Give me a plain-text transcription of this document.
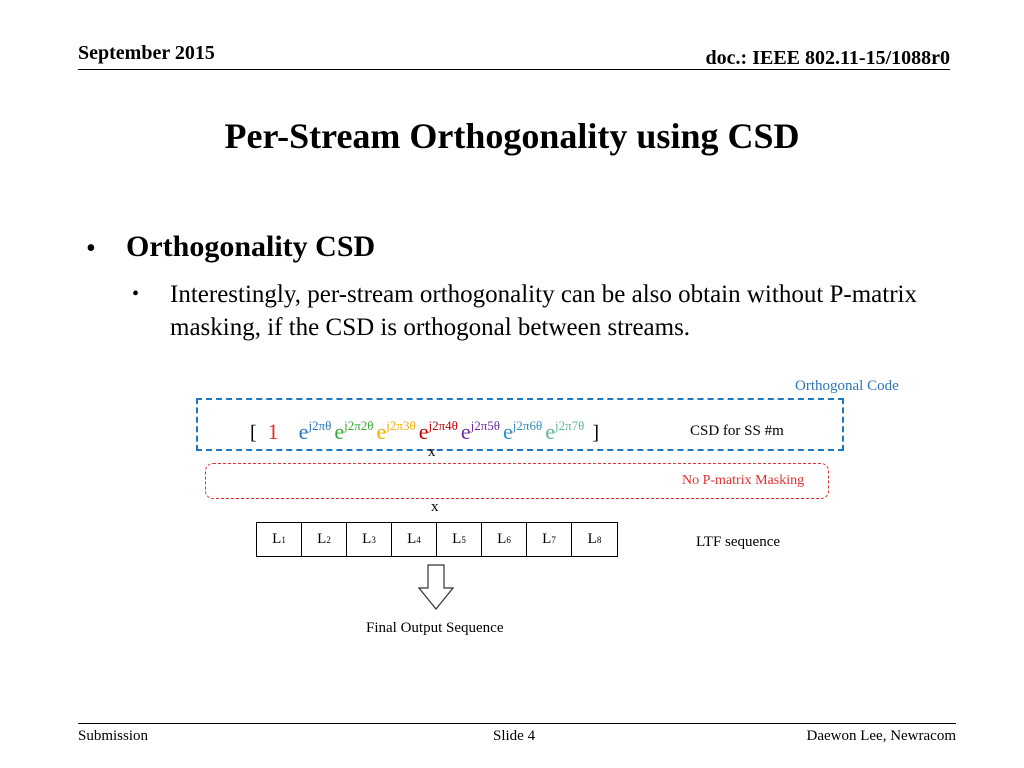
September 2015	doc.: IEEE 802.11-15/1088r0
Per-Stream Orthogonality using CSD
• Orthogonality CSD
• Interestingly, per-stream orthogonality can be also obtain without P-matrix masking, if the CSD is orthogonal between streams.
Orthogonal Code
[ 1 $e^{j2\pi\theta}$ $e^{j2\pi 2\theta}$ $e^{j2\pi 3\theta}$ $e^{j2\pi 4\theta}$ $e^{j2\pi 5\theta}$ $e^{j2\pi 6\theta}$ $e^{j2\pi 7\theta}$ ]	CSD for SS #m
x
No P-matrix Masking
x
L 1 L 2 L 3 L 4 L 5 L 6 L 7 L 8	LTF sequence
Final Output Sequence
Submission	Slide 4	Daewon Lee, Newracom
